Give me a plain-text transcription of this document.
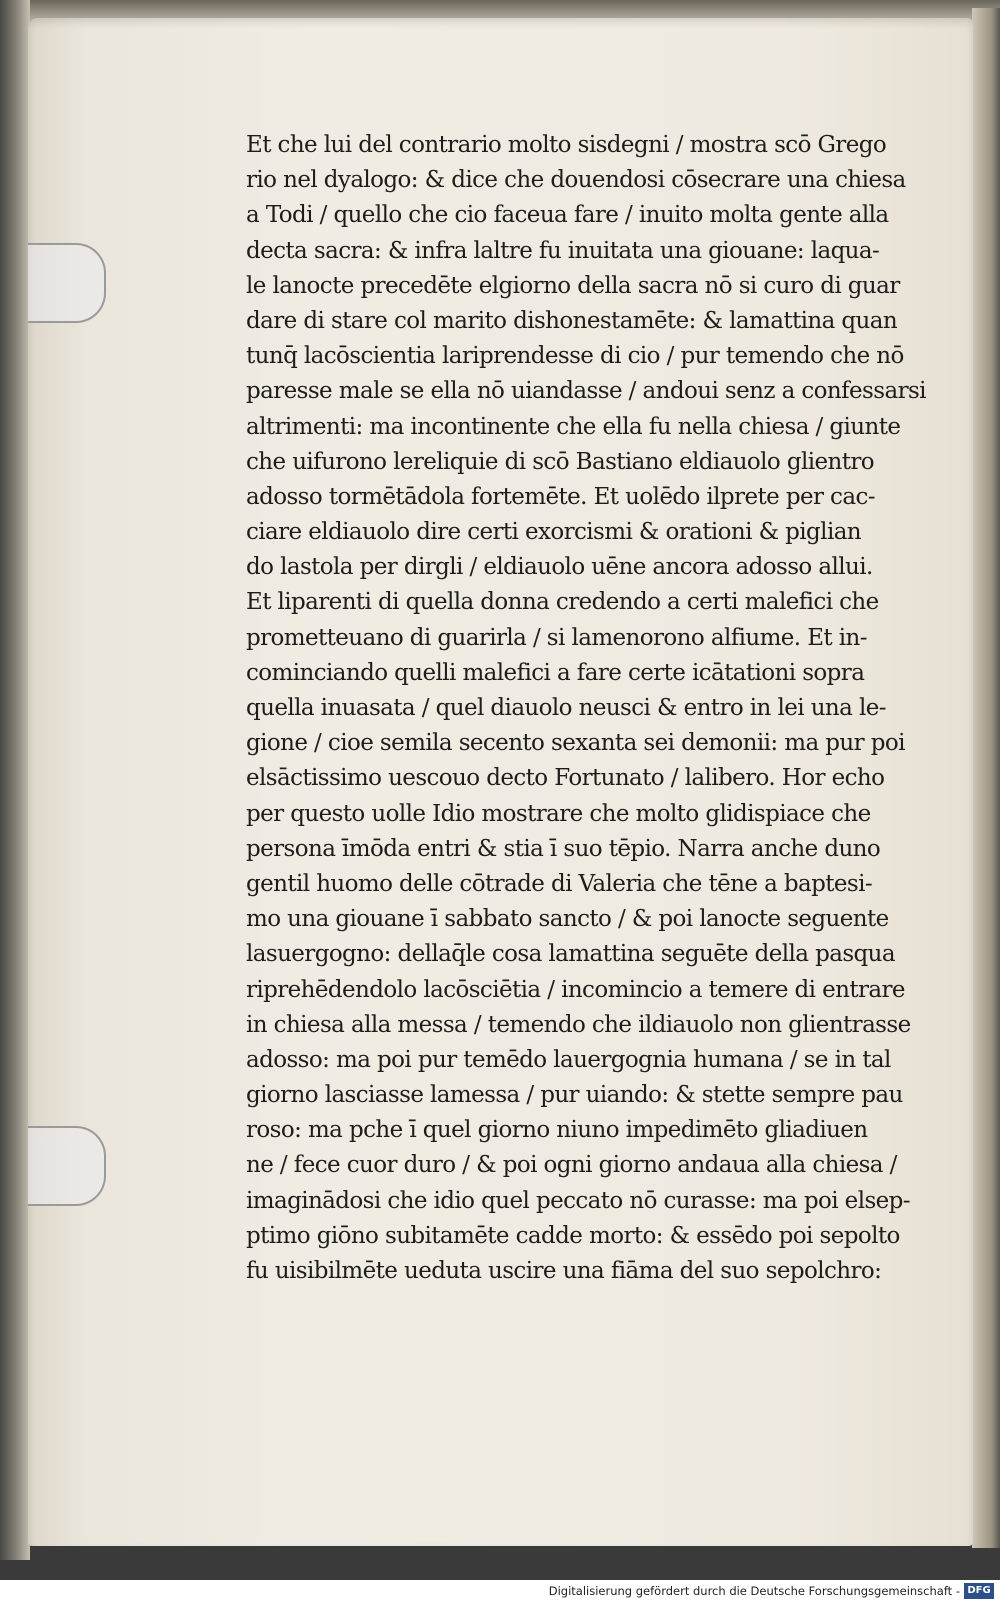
Et che lui del contrario molto sisdegni / mostra scō Grego
rio nel dyalogo: & dice che douendosi cōsecrare una chiesa
a Todi / quello che cio faceua fare / inuito molta gente alla
decta sacra: & infra laltre fu inuitata una giouane: laqua-
le lanocte precedēte elgiorno della sacra nō si curo di guar
dare di stare col marito dishonestamēte: & lamattina quan
tunq̄ lacōscientia lariprendesse di cio / pur temendo che nō
paresse male se ella nō uiandasse / andoui senz a confessarsi
altrimenti: ma incontinente che ella fu nella chiesa / giunte
che uifurono lereliquie di scō Bastiano eldiauolo glientro
adosso tormētādola fortemēte. Et uolēdo ilprete per cac-
ciare eldiauolo dire certi exorcismi & orationi & piglian
do lastola per dirgli / eldiauolo uēne ancora adosso allui.
Et liparenti di quella donna credendo a certi malefici che
prometteuano di guarirla / si lamenorono alfiume. Et in-
cominciando quelli malefici a fare certe icātationi sopra
quella inuasata / quel diauolo neusci & entro in lei una le-
gione / cioe semila secento sexanta sei demonii: ma pur poi
elsāctissimo uescouo decto Fortunato / lalibero. Hor echo
per questo uolle Idio mostrare che molto glidispiace che
persona īmōda entri & stia ī suo tēpio. Narra anche duno
gentil huomo delle cōtrade di Valeria che tēne a baptesi-
mo una giouane ī sabbato sancto / & poi lanocte seguente
lasuergogno: dellaq̄le cosa lamattina seguēte della pasqua
riprehēdendolo lacōsciētia / incomincio a temere di entrare
in chiesa alla messa / temendo che ildiauolo non glientrasse
adosso: ma poi pur temēdo lauergognia humana / se in tal
giorno lasciasse lamessa / pur uiando: & stette sempre pau
roso: ma pche ī quel giorno niuno impedimēto gliadiuen
ne / fece cuor duro / & poi ogni giorno andaua alla chiesa /
imaginādosi che idio quel peccato nō curasse: ma poi elsep-
ptimo giōno subitamēte cadde morto: & essēdo poi sepolto
fu uisibilmēte ueduta uscire una fiāma del suo sepolchro:
Digitalisierung gefördert durch die Deutsche Forschungsgemeinschaft - DFG
